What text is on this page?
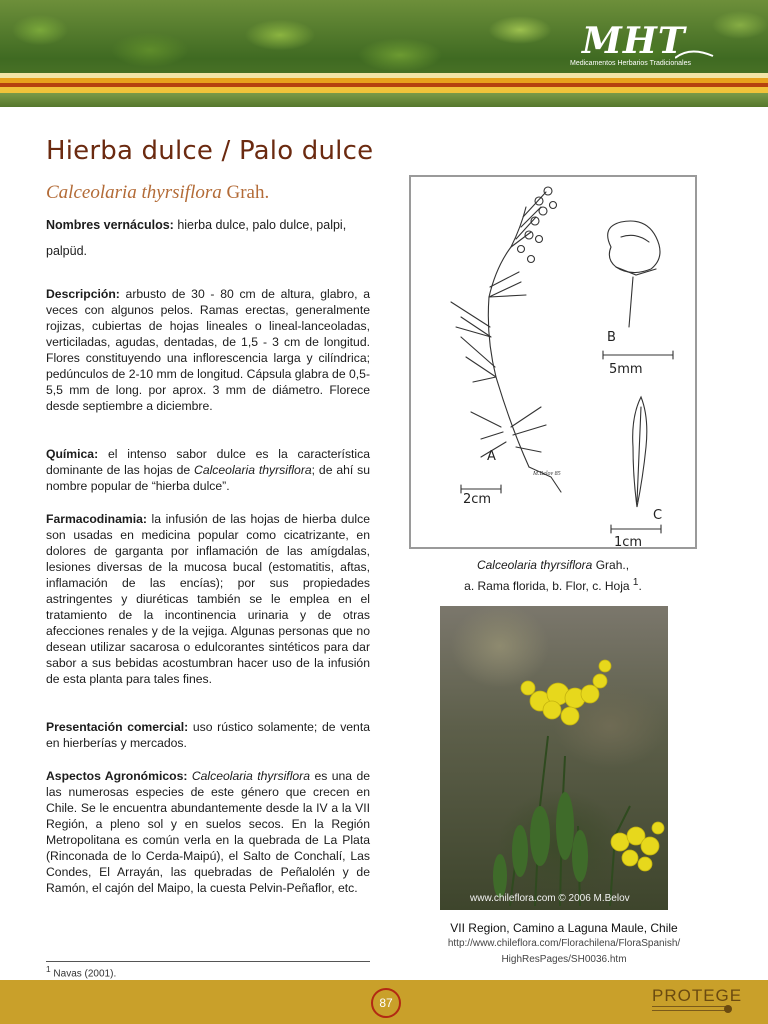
MHT
Medicamentos Herbarios Tradicionales
Hierba dulce / Palo dulce
Calceolaria thyrsiflora Grah.
Nombres vernáculos: hierba dulce, palo dulce, palpi, palpüd.

Descripción: arbusto de 30 - 80 cm de altura, glabro, a veces con algunos pelos. Ramas erectas, generalmente rojizas, cubiertas de hojas lineales o lineal-lanceoladas, verticiladas, agudas, dentadas, de 1,5 - 3 cm de longitud. Flores constituyendo una inflorescencia larga y cilíndrica; pedúnculos de 2-10 mm de longitud. Cápsula glabra de 0,5-5,5 mm de long. por aprox. 3 mm de diámetro. Florece desde septiembre a diciembre.

Química: el intenso sabor dulce es la característica dominante de las hojas de Calceolaria thyrsiflora; de ahí su nombre popular de “hierba dulce”.

Farmacodinamia: la infusión de las hojas de hierba dulce son usadas en medicina popular como cicatrizante, en dolores de garganta por inflamación de las amígdalas, lesiones diversas de la mucosa bucal (estomatitis, aftas, inflamación de las encías); por sus propiedades astringentes y diuréticas también se le emplea en el tratamiento de la incontinencia urinaria y de otras afecciones renales y de la vejiga. Algunas personas que no desean utilizar sacarosa o edulcorantes sintéticos para dar sabor a sus bebidas acostumbran hacer uso de la infusión de esta planta para tales fines.

Presentación comercial: uso rústico solamente; de venta en hierberías y mercados.

Aspectos Agronómicos: Calceolaria thyrsiflora es una de las numerosas especies de este género que crecen en Chile. Se le encuentra abundantemente desde la IV a la VII Región, a pleno sol y en suelos secos. En la Región Metropolitana es común verla en la quebrada de La Plata (Rinconada de lo Cerda-Maipú), el Salto de Conchalí, Las Condes, El Arrayán, las quebradas de Peñalolén y de Ramón, el cajón del Maipo, la cuesta Pelvin-Peñaflor, etc.

$^1$ Navas (2001).
A
B
C
2cm
5mm
1cm
M.Belov 85
Calceolaria thyrsiflora Grah.,
a. Rama florida, b. Flor, c. Hoja $^1$.
www.chileflora.com © 2006 M.Belov
VII Region, Camino a Laguna Maule, Chile
http://www.chileflora.com/Florachilena/FloraSpanish/
HighResPages/SH0036.htm
87	PROTEGE
